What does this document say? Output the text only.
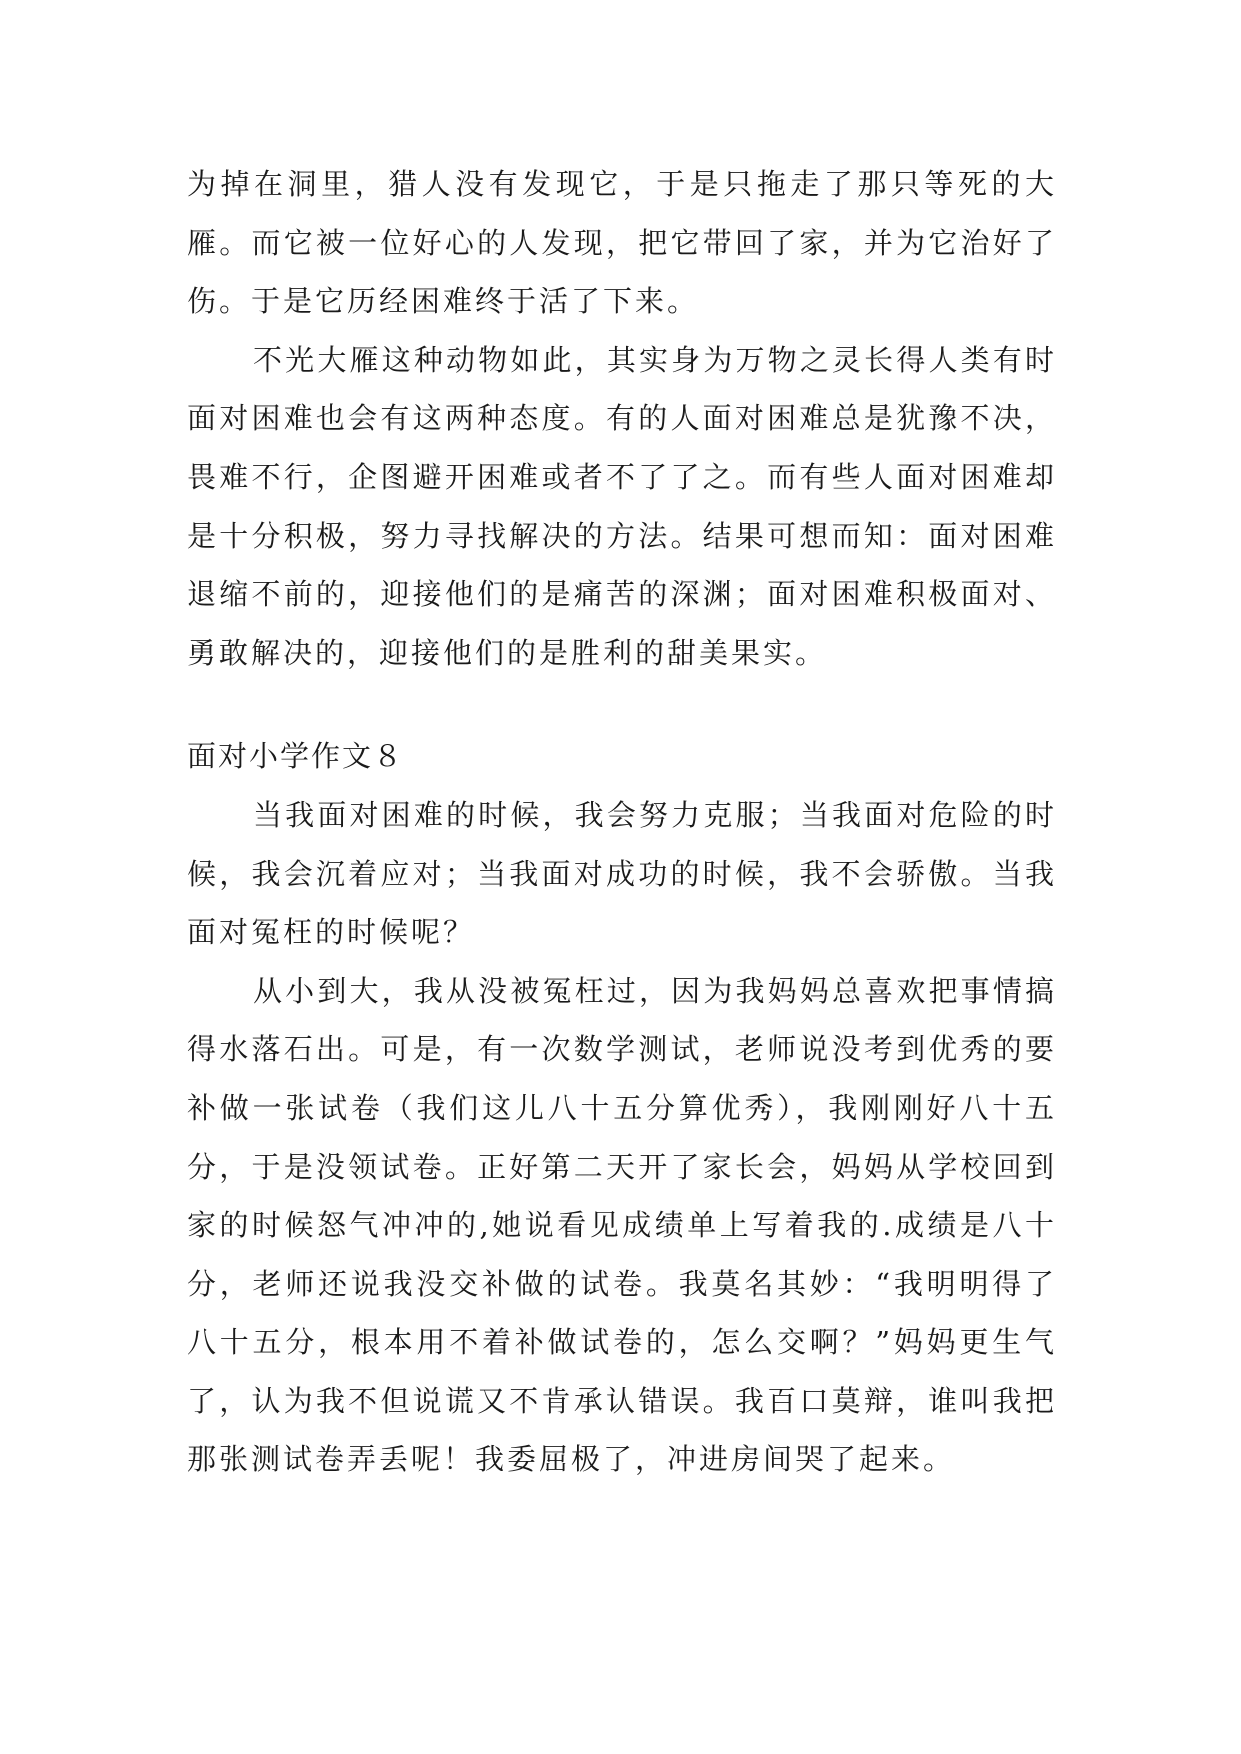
为掉在洞里，猎人没有发现它，于是只拖走了那只等死的大雁。而它被一位好心的人发现，把它带回了家，并为它治好了伤。于是它历经困难终于活了下来。

不光大雁这种动物如此，其实身为万物之灵长得人类有时面对困难也会有这两种态度。有的人面对困难总是犹豫不决，畏难不行，企图避开困难或者不了了之。而有些人面对困难却是十分积极，努力寻找解决的方法。结果可想而知：面对困难退缩不前的，迎接他们的是痛苦的深渊；面对困难积极面对、勇敢解决的，迎接他们的是胜利的甜美果实。

面对小学作文８

当我面对困难的时候，我会努力克服；当我面对危险的时候，我会沉着应对；当我面对成功的时候，我不会骄傲。当我面对冤枉的时候呢？

从小到大，我从没被冤枉过，因为我妈妈总喜欢把事情搞得水落石出。可是，有一次数学测试，老师说没考到优秀的要补做一张试卷（我们这儿八十五分算优秀），我刚刚好八十五分，于是没领试卷。正好第二天开了家长会，妈妈从学校回到家的时候怒气冲冲的,她说看见成绩单上写着我的.成绩是八十分，老师还说我没交补做的试卷。我莫名其妙：“我明明得了八十五分，根本用不着补做试卷的，怎么交啊？”妈妈更生气了，认为我不但说谎又不肯承认错误。我百口莫辩，谁叫我把那张测试卷弄丢呢！我委屈极了，冲进房间哭了起来。
